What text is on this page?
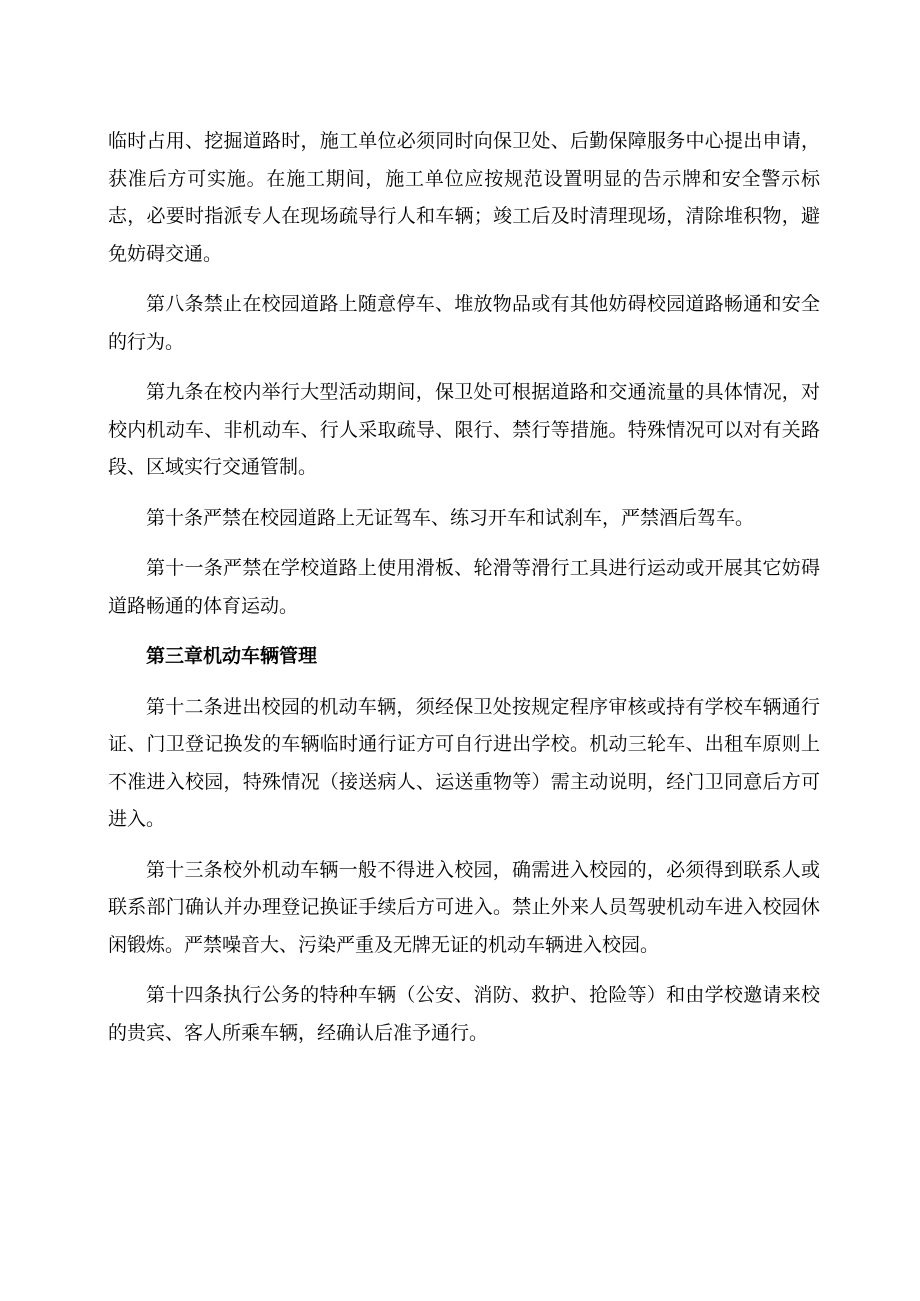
临时占用、挖掘道路时，施工单位必须同时向保卫处、后勤保障服务中心提出申请，获准后方可实施。在施工期间，施工单位应按规范设置明显的告示牌和安全警示标志，必要时指派专人在现场疏导行人和车辆；竣工后及时清理现场，清除堆积物，避免妨碍交通。

第八条禁止在校园道路上随意停车、堆放物品或有其他妨碍校园道路畅通和安全的行为。

第九条在校内举行大型活动期间，保卫处可根据道路和交通流量的具体情况，对校内机动车、非机动车、行人采取疏导、限行、禁行等措施。特殊情况可以对有关路段、区域实行交通管制。

第十条严禁在校园道路上无证驾车、练习开车和试刹车，严禁酒后驾车。

第十一条严禁在学校道路上使用滑板、轮滑等滑行工具进行运动或开展其它妨碍道路畅通的体育运动。

第三章机动车辆管理

第十二条进出校园的机动车辆，须经保卫处按规定程序审核或持有学校车辆通行证、门卫登记换发的车辆临时通行证方可自行进出学校。机动三轮车、出租车原则上不准进入校园，特殊情况（接送病人、运送重物等）需主动说明，经门卫同意后方可进入。

第十三条校外机动车辆一般不得进入校园，确需进入校园的，必须得到联系人或联系部门确认并办理登记换证手续后方可进入。禁止外来人员驾驶机动车进入校园休闲锻炼。严禁噪音大、污染严重及无牌无证的机动车辆进入校园。

第十四条执行公务的特种车辆（公安、消防、救护、抢险等）和由学校邀请来校的贵宾、客人所乘车辆，经确认后准予通行。
